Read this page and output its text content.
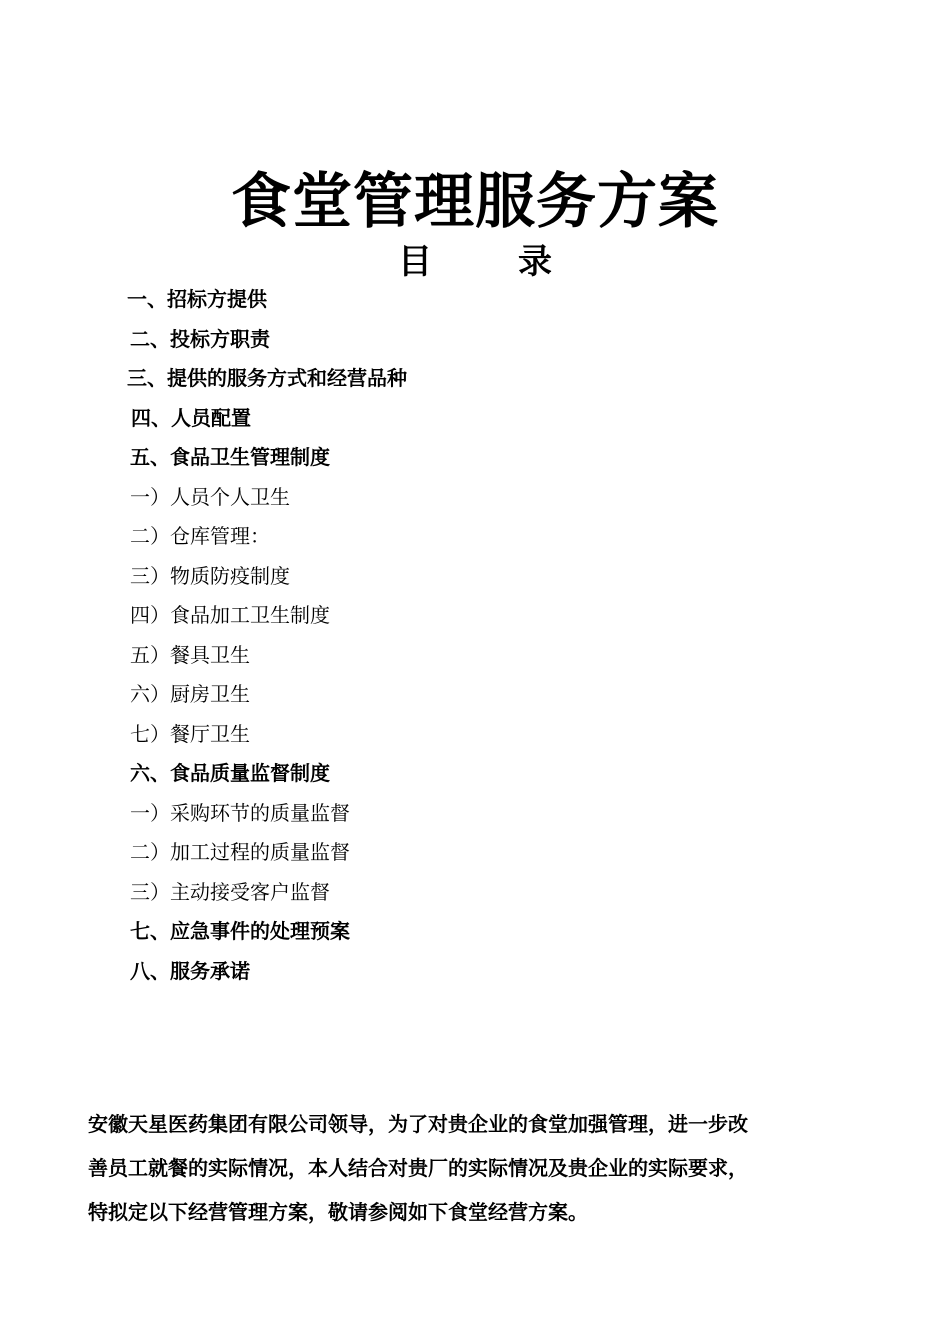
食堂管理服务方案
目	录
一、招标方提供
二、投标方职责
三、提供的服务方式和经营品种
四、人员配置
五、食品卫生管理制度
一）人员个人卫生
二）仓库管理：
三）物质防疫制度
四）食品加工卫生制度
五）餐具卫生
六）厨房卫生
七）餐厅卫生
六、食品质量监督制度
一）采购环节的质量监督
二）加工过程的质量监督
三）主动接受客户监督
七、应急事件的处理预案
八、服务承诺
安徽天星医药集团有限公司领导，为了对贵企业的食堂加强管理，进一步改
善员工就餐的实际情况，本人结合对贵厂的实际情况及贵企业的实际要求，
特拟定以下经营管理方案，敬请参阅如下食堂经营方案。
